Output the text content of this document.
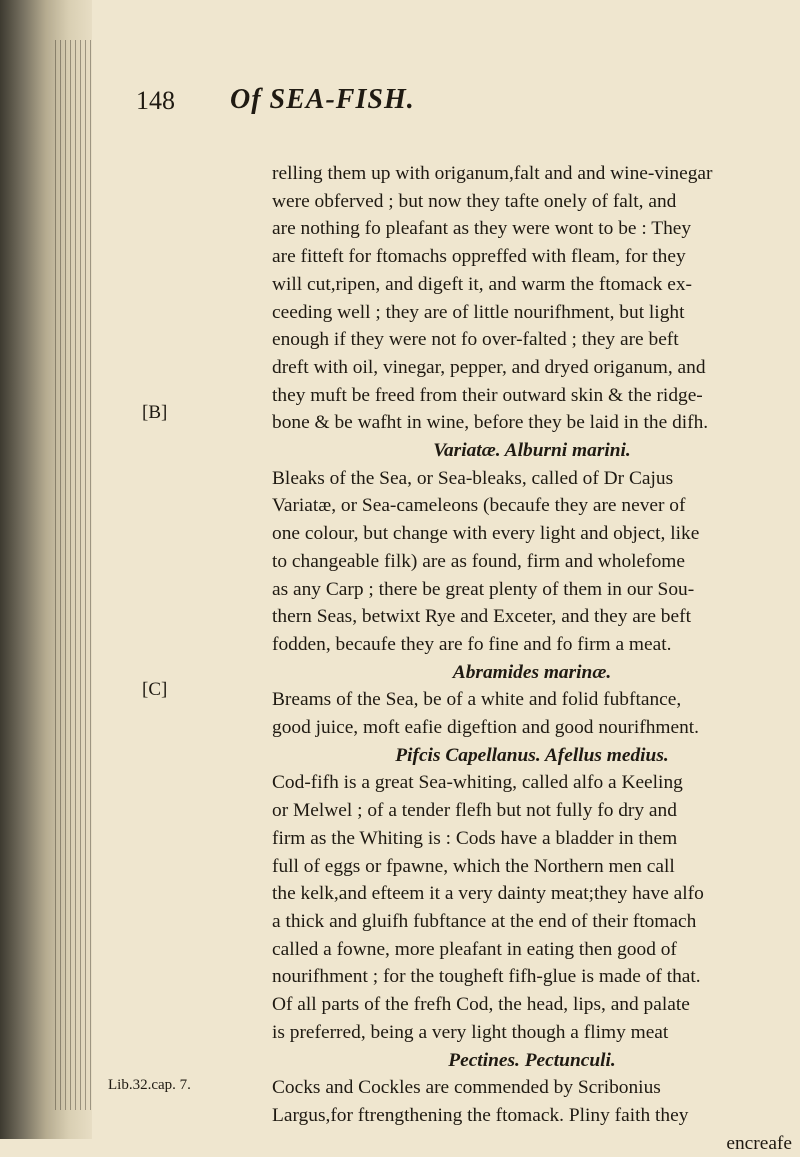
148 Of SEA-FISH.
[B]
[C]
Lib.32.cap. 7.
relling them up with origanum,falt and and wine-vinegar
were obferved ; but now they tafte onely of falt, and
are nothing fo pleafant as they were wont to be : They
are fitteft for ftomachs oppreffed with fleam, for they
will cut,ripen, and digeft it, and warm the ftomack ex-
ceeding well ; they are of little nourifhment, but light
enough if they were not fo over-falted ; they are beft
dreft with oil, vinegar, pepper, and dryed origanum, and
they muft be freed from their outward skin & the ridge-
bone & be wafht in wine, before they be laid in the difh.
Variatæ. Alburni marini.
Bleaks of the Sea, or Sea-bleaks, called of Dr Cajus
Variatæ, or Sea-cameleons (becaufe they are never of
one colour, but change with every light and object, like
to changeable filk) are as found, firm and wholefome
as any Carp ; there be great plenty of them in our Sou-
thern Seas, betwixt Rye and Exceter, and they are beft
fodden, becaufe they are fo fine and fo firm a meat.
Abramides marinæ.
Breams of the Sea, be of a white and folid fubftance,
good juice, moft eafie digeftion and good nourifhment.
Pifcis Capellanus. Afellus medius.
Cod-fifh is a great Sea-whiting, called alfo a Keeling
or Melwel ; of a tender flefh but not fully fo dry and
firm as the Whiting is : Cods have a bladder in them
full of eggs or fpawne, which the Northern men call
the kelk,and efteem it a very dainty meat;they have alfo
a thick and gluifh fubftance at the end of their ftomach
called a fowne, more pleafant in eating then good of
nourifhment ; for the tougheft fifh-glue is made of that.
Of all parts of the frefh Cod, the head, lips, and palate
is preferred, being a very light though a flimy meat
Pectines. Pectunculi.
Cocks and Cockles are commended by Scribonius
Largus,for ftrengthening the ftomack. Pliny faith they
encreafe
